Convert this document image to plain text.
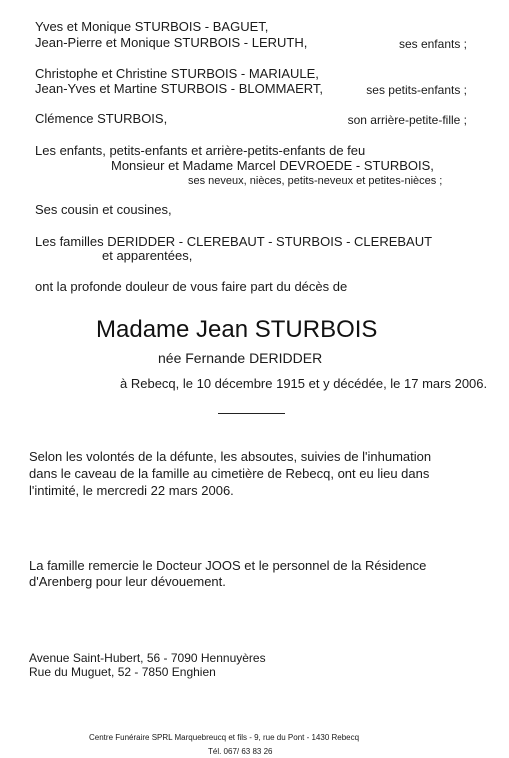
Yves et Monique STURBOIS - BAGUET,
Jean-Pierre et Monique STURBOIS - LERUTH,	ses enfants ;
Christophe et Christine STURBOIS - MARIAULE,
Jean-Yves et Martine STURBOIS - BLOMMAERT,	ses petits-enfants ;
Clémence STURBOIS,	son arrière-petite-fille ;
Les enfants, petits-enfants et arrière-petits-enfants de feu
Monsieur et Madame Marcel DEVROEDE - STURBOIS,
ses neveux, nièces, petits-neveux et petites-nièces ;
Ses cousin et cousines,
Les familles DERIDDER - CLEREBAUT - STURBOIS - CLEREBAUT
et apparentées,
ont la profonde douleur de vous faire part du décès de
Madame Jean STURBOIS
née Fernande DERIDDER
à Rebecq, le 10 décembre 1915 et y décédée, le 17 mars 2006.
Selon les volontés de la défunte, les absoutes, suivies de l'inhumation
dans le caveau de la famille au cimetière de Rebecq, ont eu lieu dans
l'intimité, le mercredi 22 mars 2006.
La famille remercie le Docteur JOOS et le personnel de la Résidence
d'Arenberg pour leur dévouement.
Avenue Saint-Hubert, 56 - 7090 Hennuyères
Rue du Muguet, 52 - 7850 Enghien
Centre Funéraire SPRL Marquebreucq et fils - 9, rue du Pont - 1430 Rebecq
Tél. 067/ 63 83 26
